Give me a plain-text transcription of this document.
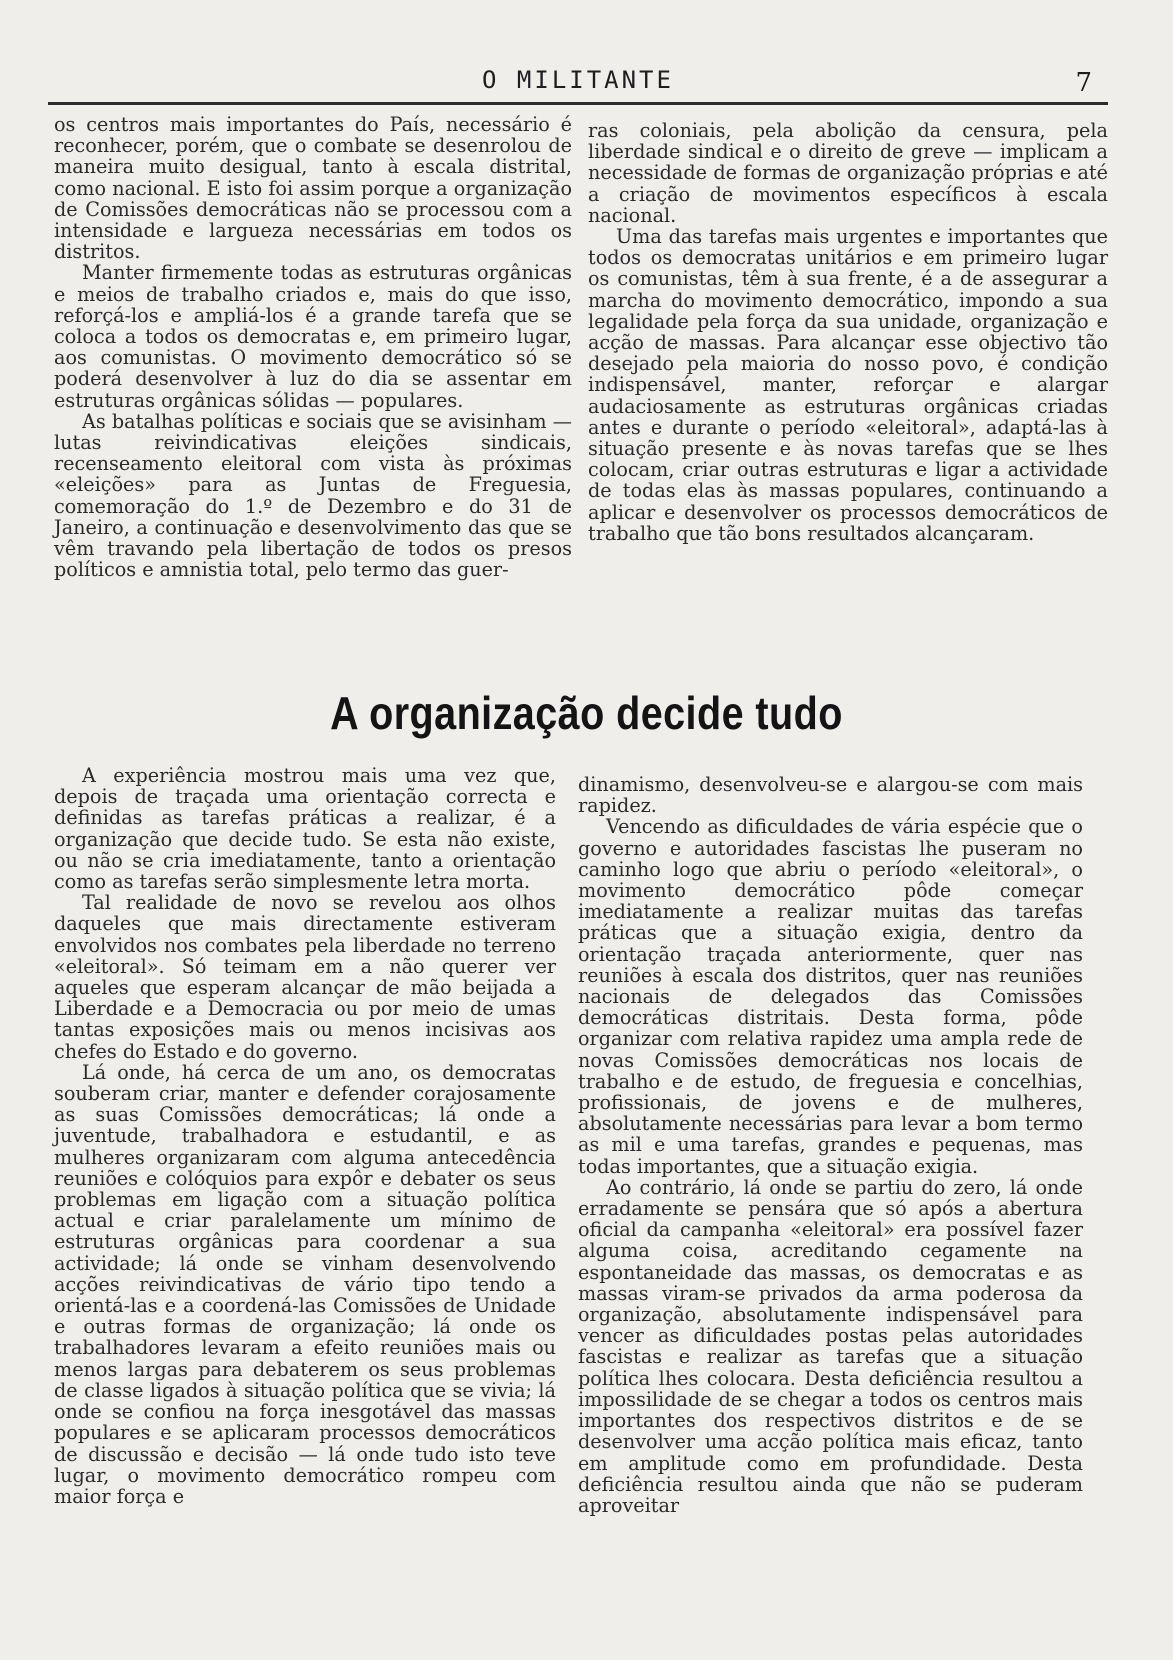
O MILITANTE	7

os centros mais importantes do País, necessário é reconhecer, porém, que o combate se desenrolou de maneira muito desigual, tanto à escala distrital, como nacional. E isto foi assim porque a organização de Comissões democráticas não se processou com a intensidade e largueza necessárias em todos os distritos.

Manter firmemente todas as estruturas orgânicas e meios de trabalho criados e, mais do que isso, reforçá-los e ampliá-los é a grande tarefa que se coloca a todos os democratas e, em primeiro lugar, aos comunistas. O movimento democrático só se poderá desenvolver à luz do dia se assentar em estruturas orgânicas sólidas — populares.

As batalhas políticas e sociais que se avisinham — lutas reivindicativas eleições sindicais, recenseamento eleitoral com vista às próximas «eleições» para as Juntas de Freguesia, comemoração do 1.º de Dezembro e do 31 de Janeiro, a continuação e desenvolvimento das que se vêm travando pela libertação de todos os presos políticos e amnistia total, pelo termo das guer-

ras coloniais, pela abolição da censura, pela liberdade sindical e o direito de greve — implicam a necessidade de formas de organização próprias e até a criação de movimentos específicos à escala nacional.

Uma das tarefas mais urgentes e importantes que todos os democratas unitários e em primeiro lugar os comunistas, têm à sua frente, é a de assegurar a marcha do movimento democrático, impondo a sua legalidade pela força da sua unidade, organização e acção de massas. Para alcançar esse objectivo tão desejado pela maioria do nosso povo, é condição indispensável, manter, reforçar e alargar audaciosamente as estruturas orgânicas criadas antes e durante o período «eleitoral», adaptá-las à situação presente e às novas tarefas que se lhes colocam, criar outras estruturas e ligar a actividade de todas elas às massas populares, continuando a aplicar e desenvolver os processos democráticos de trabalho que tão bons resultados alcançaram.

A organização decide tudo

A experiência mostrou mais uma vez que, depois de traçada uma orientação correcta e definidas as tarefas práticas a realizar, é a organização que decide tudo. Se esta não existe, ou não se cria imediatamente, tanto a orientação como as tarefas serão simplesmente letra morta.

Tal realidade de novo se revelou aos olhos daqueles que mais directamente estiveram envolvidos nos combates pela liberdade no terreno «eleitoral». Só teimam em a não querer ver aqueles que esperam alcançar de mão beijada a Liberdade e a Democracia ou por meio de umas tantas exposições mais ou menos incisivas aos chefes do Estado e do governo.

Lá onde, há cerca de um ano, os democratas souberam criar, manter e defender corajosamente as suas Comissões democráticas; lá onde a juventude, trabalhadora e estudantil, e as mulheres organizaram com alguma antecedência reuniões e colóquios para expôr e debater os seus problemas em ligação com a situação política actual e criar paralelamente um mínimo de estruturas orgânicas para coordenar a sua actividade; lá onde se vinham desenvolvendo acções reivindicativas de vário tipo tendo a orientá-las e a coordená-las Comissões de Unidade e outras formas de organização; lá onde os trabalhadores levaram a efeito reuniões mais ou menos largas para debaterem os seus problemas de classe ligados à situação política que se vivia; lá onde se confiou na força inesgotável das massas populares e se aplicaram processos democráticos de discussão e decisão — lá onde tudo isto teve lugar, o movimento democrático rompeu com maior força e

dinamismo, desenvolveu-se e alargou-se com mais rapidez.

Vencendo as dificuldades de vária espécie que o governo e autoridades fascistas lhe puseram no caminho logo que abriu o período «eleitoral», o movimento democrático pôde começar imediatamente a realizar muitas das tarefas práticas que a situação exigia, dentro da orientação traçada anteriormente, quer nas reuniões à escala dos distritos, quer nas reuniões nacionais de delegados das Comissões democráticas distritais. Desta forma, pôde organizar com relativa rapidez uma ampla rede de novas Comissões democráticas nos locais de trabalho e de estudo, de freguesia e concelhias, profissionais, de jovens e de mulheres, absolutamente necessárias para levar a bom termo as mil e uma tarefas, grandes e pequenas, mas todas importantes, que a situação exigia.

Ao contrário, lá onde se partiu do zero, lá onde erradamente se pensára que só após a abertura oficial da campanha «eleitoral» era possível fazer alguma coisa, acreditando cegamente na espontaneidade das massas, os democratas e as massas viram-se privados da arma poderosa da organização, absolutamente indispensável para vencer as dificuldades postas pelas autoridades fascistas e realizar as tarefas que a situação política lhes colocara. Desta deficiência resultou a impossilidade de se chegar a todos os centros mais importantes dos respectivos distritos e de se desenvolver uma acção política mais eficaz, tanto em amplitude como em profundidade. Desta deficiência resultou ainda que não se puderam aproveitar
